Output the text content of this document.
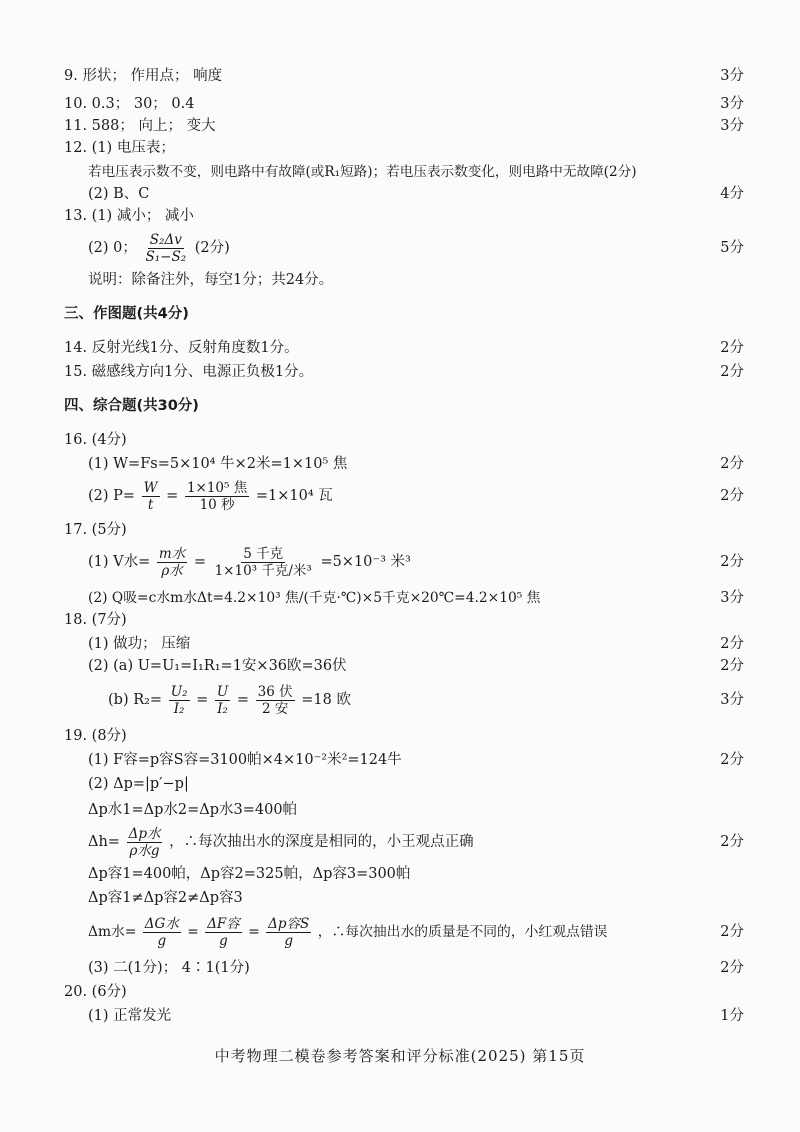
9. 形状； 作用点； 响度	3分
10. 0.3； 30； 0.4	3分
11. 588； 向上； 变大	3分
12. (1) 电压表；
若电压表示数不变，则电路中有故障(或R₁短路)；若电压表示数变化，则电路中无故障(2分)
(2) B、C	4分
13. (1) 减小； 减小
(2) 0； $\frac{\text{S₂Δv}}{\text{S₁−S₂}} (2$分)	5分
说明：除备注外，每空1分；共24分。
三、作图题(共4分)
14. 反射光线1分、反射角度数1分。	2分
15. 磁感线方向1分、电源正负极1分。	2分
四、综合题(共30分)
16. (4分)
(1) W=Fs=5×10⁴ 牛×2米=1×10⁵ 焦	2分
(2) $P= \frac{W}{t} = \frac{\text{1×10⁵ 焦}}{\text{10 秒}} =1\times 10^4$ 瓦	2分
17. (5分)
(1) V水= $\frac{\text{m水}}{\text{ρ水}} = \frac{\text{5 千克}}{\text{1×10³ 千克/米³}} =5\times 10^{-3}$ 米³	2分
(2) Q吸=c水m水Δt=4.2×10³ 焦/(千克·℃)×5千克×20℃=4.2×10⁵ 焦	3分
18. (7分)
(1) 做功； 压缩	2分
(2) (a) U=U₁=I₁R₁=1安×36欧=36伏	2分
(b) $R_2= \frac{\text{U₂}}{\text{I₂}} = \frac{U}{\text{I₂}} = \frac{\text{36 伏}}{\text{2 安}} =18$ 欧	3分
19. (8分)
(1) F容=p容S容=3100帕×4×10⁻²米²=124牛	2分
(2) Δp=|p′−p|
Δp水1=Δp水2=Δp水3=400帕
$\Delta h= \frac{\text{Δp水}}{\text{ρ水g}}$ ，∴每次抽出水的深度是相同的，小王观点正确	2分
Δp容1=400帕，Δp容2=325帕，Δp容3=300帕
Δp容1≠Δp容2≠Δp容3
Δm水= $\frac{\text{ΔG水}}{g} = \frac{\text{ΔF容}}{g} = \frac{\text{Δp容S}}{g}$ ，∴每次抽出水的质量是不同的，小红观点错误	2分
(3) 二(1分)； 4∶1(1分)	2分
20. (6分)
(1) 正常发光	1分
中考物理二模卷参考答案和评分标准(2025) 第15页
